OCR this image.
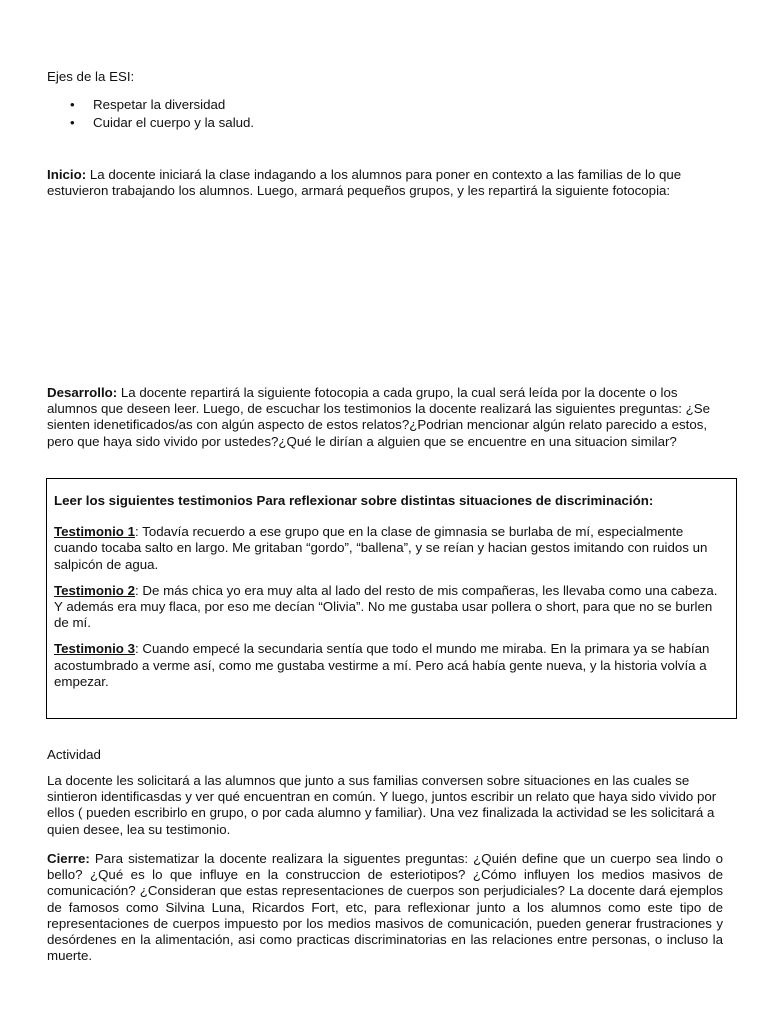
Ejes de la ESI:

• Respetar la diversidad
• Cuidar el cuerpo y la salud.

Inicio: La docente iniciará la clase indagando a los alumnos para poner en contexto a las familias de lo que estuvieron trabajando los alumnos. Luego, armará pequeños grupos, y les repartirá la siguiente fotocopia:

Desarrollo: La docente repartirá la siguiente fotocopia a cada grupo, la cual será leída por la docente o los alumnos que deseen leer. Luego, de escuchar los testimonios la docente realizará las siguientes preguntas: ¿Se sienten idenetificados/as con algún aspecto de estos relatos?¿Podrian mencionar algún relato parecido a estos, pero que haya sido vivido por ustedes?¿Qué le dirían a alguien que se encuentre en una situacion similar?

Actividad

La docente les solicitará a las alumnos que junto a sus familias conversen sobre situaciones en las cuales se sintieron identificasdas y ver qué encuentran en común. Y luego, juntos escribir un relato que haya sido vivido por ellos ( pueden escribirlo en grupo, o por cada alumno y familiar). Una vez finalizada la actividad se les solicitará a quien desee, lea su testimonio.

Cierre: Para sistematizar la docente realizara la siguentes preguntas: ¿Quién define que un cuerpo sea lindo o bello? ¿Qué es lo que influye en la construccion de esteriotipos? ¿Cómo influyen los medios masivos de comunicación? ¿Consideran que estas representaciones de cuerpos son perjudiciales? La docente dará ejemplos de famosos como Silvina Luna, Ricardos Fort, etc, para reflexionar junto a los alumnos como este tipo de representaciones de cuerpos impuesto por los medios masivos de comunicación, pueden generar frustraciones y desórdenes en la alimentación, asi como practicas discriminatorias en las relaciones entre personas, o incluso la muerte.

Leer los siguientes testimonios Para reflexionar sobre distintas situaciones de discriminación:

Testimonio 1: Todavía recuerdo a ese grupo que en la clase de gimnasia se burlaba de mí, especialmente cuando tocaba salto en largo. Me gritaban “gordo”, “ballena”, y se reían y hacian gestos imitando con ruidos un salpicón de agua.

Testimonio 2: De más chica yo era muy alta al lado del resto de mis compañeras, les llevaba como una cabeza. Y además era muy flaca, por eso me decían “Olivia”. No me gustaba usar pollera o short, para que no se burlen de mí.

Testimonio 3: Cuando empecé la secundaria sentía que todo el mundo me miraba. En la primara ya se habían acostumbrado a verme así, como me gustaba vestirme a mí. Pero acá había gente nueva, y la historia volvía a empezar.
